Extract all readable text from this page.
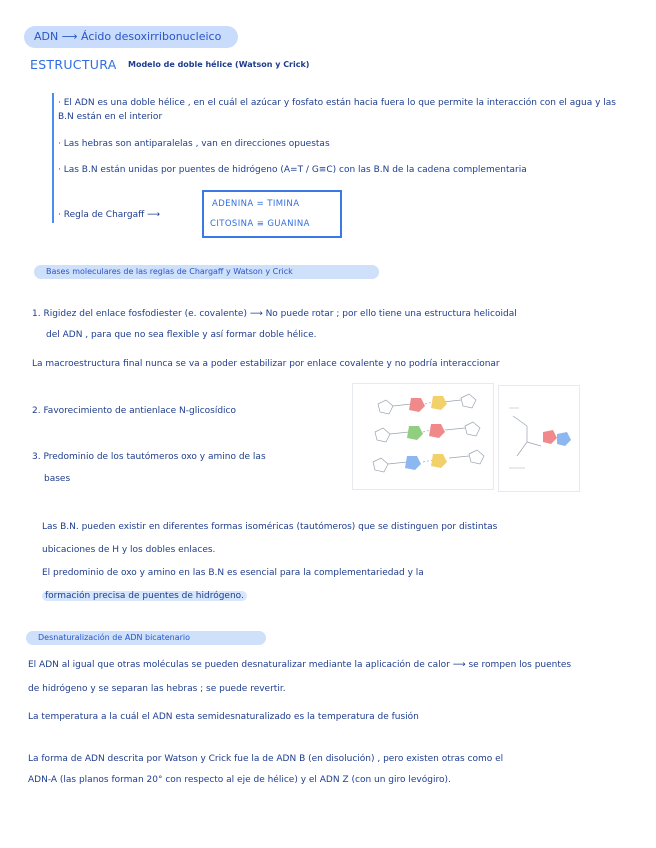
ADN ⟶ Ácido desoxirribonucleico
ESTRUCTURA Modelo de doble hélice (Watson y Crick)
· El ADN es una doble hélice , en el cuál el azúcar y fosfato están hacia fuera lo que permite la interacción con el agua y las B.N están en el interior
· Las hebras son antiparalelas , van en direcciones opuestas
· Las B.N están unidas por puentes de hidrógeno (A=T / G≡C) con las B.N de la cadena complementaria
· Regla de Chargaff ⟶
ADENINA = TIMINA
CITOSINA ≡ GUANINA
Bases moleculares de las reglas de Chargaff y Watson y Crick
1. Rigidez del enlace fosfodiester (e. covalente) ⟶ No puede rotar ; por ello tiene una estructura helicoidal
del ADN , para que no sea flexible y así formar doble hélice.
La macroestructura final nunca se va a poder estabilizar por enlace covalente y no podría interaccionar
2. Favorecimiento de antienlace N-glicosídico
3. Predominio de los tautómeros oxo y amino de las
bases
Las B.N. pueden existir en diferentes formas isoméricas (tautómeros) que se distinguen por distintas
ubicaciones de H y los dobles enlaces.
El predominio de oxo y amino en las B.N es esencial para la complementariedad y la
formación precisa de puentes de hidrógeno.
Desnaturalización de ADN bicatenario
El ADN al igual que otras moléculas se pueden desnaturalizar mediante la aplicación de calor ⟶ se rompen los puentes
de hidrógeno y se separan las hebras ; se puede revertir.
La temperatura a la cuál el ADN esta semidesnaturalizado es la temperatura de fusión
La forma de ADN descrita por Watson y Crick fue la de ADN B (en disolución) , pero existen otras como el
ADN-A (las planos forman 20° con respecto al eje de hélice) y el ADN Z (con un giro levógiro).
